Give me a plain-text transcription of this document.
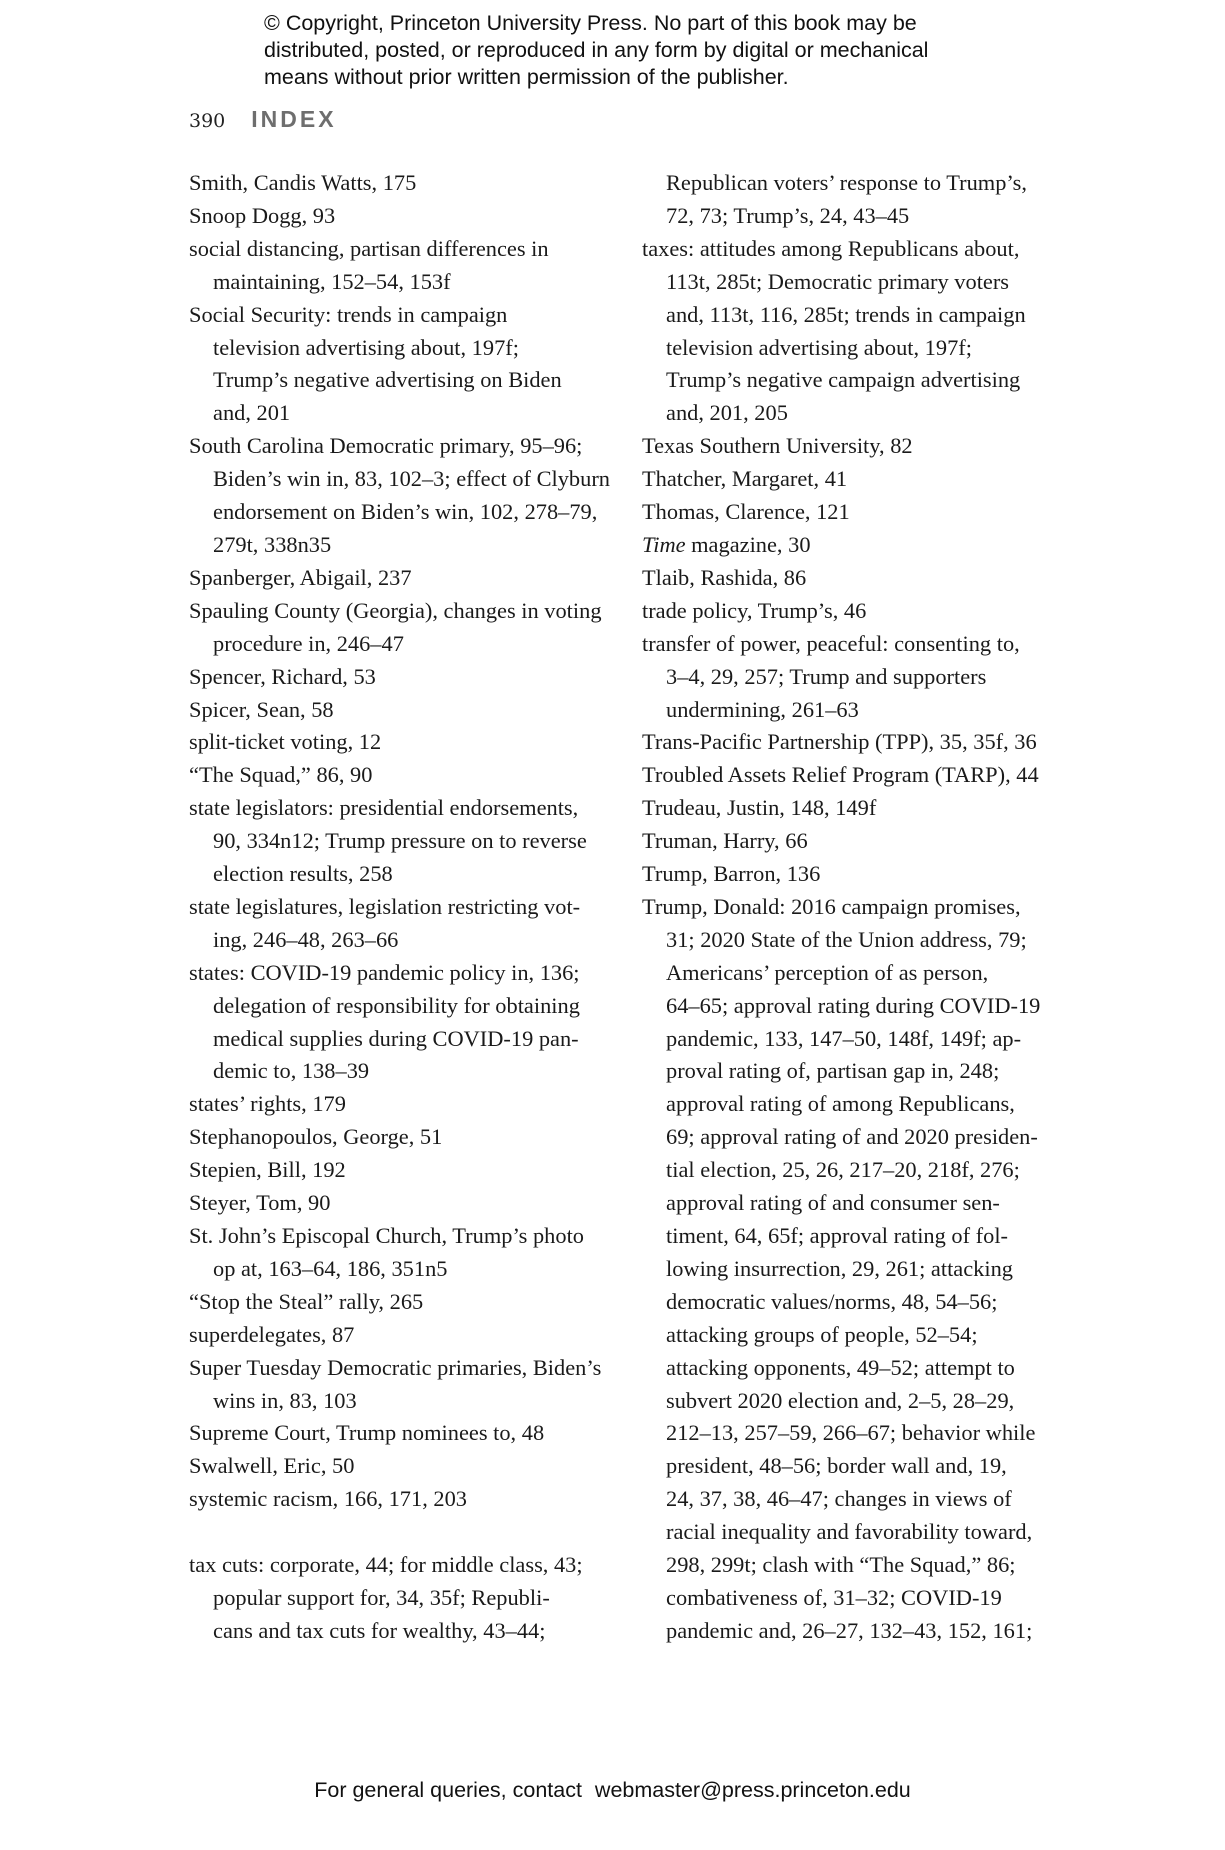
© Copyright, Princeton University Press. No part of this book may be
distributed, posted, or reproduced in any form by digital or mechanical
means without prior written permission of the publisher.
390 INDEX
Smith, Candis Watts, 175
Snoop Dogg, 93
social distancing, partisan differences in
maintaining, 152–54, 153f
Social Security: trends in campaign
television advertising about, 197f;
Trump’s negative advertising on Biden
and, 201
South Carolina Democratic primary, 95–96;
Biden’s win in, 83, 102–3; effect of Clyburn
endorsement on Biden’s win, 102, 278–79,
279t, 338n35
Spanberger, Abigail, 237
Spauling County (Georgia), changes in voting
procedure in, 246–47
Spencer, Richard, 53
Spicer, Sean, 58
split-ticket voting, 12
“The Squad,” 86, 90
state legislators: presidential endorsements,
90, 334n12; Trump pressure on to reverse
election results, 258
state legislatures, legislation restricting vot-
ing, 246–48, 263–66
states: COVID-19 pandemic policy in, 136;
delegation of responsibility for obtaining
medical supplies during COVID-19 pan-
demic to, 138–39
states’ rights, 179
Stephanopoulos, George, 51
Stepien, Bill, 192
Steyer, Tom, 90
St. John’s Episcopal Church, Trump’s photo
op at, 163–64, 186, 351n5
“Stop the Steal” rally, 265
superdelegates, 87
Super Tuesday Democratic primaries, Biden’s
wins in, 83, 103
Supreme Court, Trump nominees to, 48
Swalwell, Eric, 50
systemic racism, 166, 171, 203
tax cuts: corporate, 44; for middle class, 43;
popular support for, 34, 35f; Republi-
cans and tax cuts for wealthy, 43–44;
Republican voters’ response to Trump’s,
72, 73; Trump’s, 24, 43–45
taxes: attitudes among Republicans about,
113t, 285t; Democratic primary voters
and, 113t, 116, 285t; trends in campaign
television advertising about, 197f;
Trump’s negative campaign advertising
and, 201, 205
Texas Southern University, 82
Thatcher, Margaret, 41
Thomas, Clarence, 121
Time magazine, 30
Tlaib, Rashida, 86
trade policy, Trump’s, 46
transfer of power, peaceful: consenting to,
3–4, 29, 257; Trump and supporters
undermining, 261–63
Trans-Pacific Partnership (TPP), 35, 35f, 36
Troubled Assets Relief Program (TARP), 44
Trudeau, Justin, 148, 149f
Truman, Harry, 66
Trump, Barron, 136
Trump, Donald: 2016 campaign promises,
31; 2020 State of the Union address, 79;
Americans’ perception of as person,
64–65; approval rating during COVID-19
pandemic, 133, 147–50, 148f, 149f; ap-
proval rating of, partisan gap in, 248;
approval rating of among Republicans,
69; approval rating of and 2020 presiden-
tial election, 25, 26, 217–20, 218f, 276;
approval rating of and consumer sen-
timent, 64, 65f; approval rating of fol-
lowing insurrection, 29, 261; attacking
democratic values/norms, 48, 54–56;
attacking groups of people, 52–54;
attacking opponents, 49–52; attempt to
subvert 2020 election and, 2–5, 28–29,
212–13, 257–59, 266–67; behavior while
president, 48–56; border wall and, 19,
24, 37, 38, 46–47; changes in views of
racial inequality and favorability toward,
298, 299t; clash with “The Squad,” 86;
combativeness of, 31–32; COVID-19
pandemic and, 26–27, 132–43, 152, 161;
For general queries, contact webmaster@press.princeton.edu
